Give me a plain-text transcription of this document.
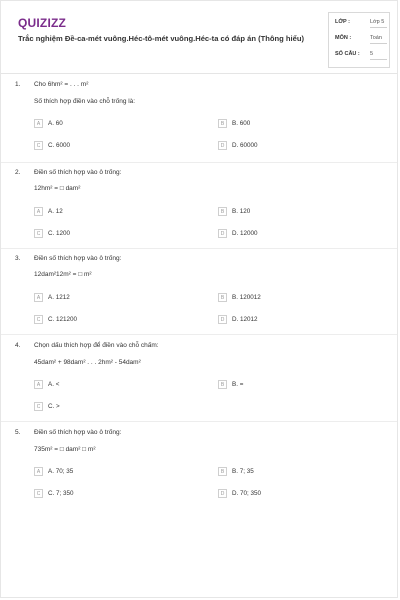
QUIZIZZ
Trắc nghiệm Đề-ca-mét vuông.Héc-tô-mét vuông.Héc-ta có đáp án (Thông hiểu)
LỚP :	Lớp 5
MÔN :	Toán
SỐ CÂU : 5
1. Cho 6hm² = . . . m²
Số thích hợp điền vào chỗ trống là:
A	A. 60	B	B. 600
C	C. 6000	D	D. 60000
2. Điền số thích hợp vào ô trống:
12hm² = □ dam²
A	A. 12	B	B. 120
C	C. 1200	D	D. 12000
3. Điền số thích hợp vào ô trống:
12dam²12m² = □ m²
A	A. 1212	B	B. 120012
C	C. 121200	D	D. 12012
4. Chọn dấu thích hợp để điền vào chỗ chấm:
45dam² + 98dam² . . . 2hm² - 54dam²
A	A. <	B	B. =
C	C. >
5. Điền số thích hợp vào ô trống:
735m² = □ dam² □ m²
A	A. 70; 35	B	B. 7; 35
C	C. 7; 350	D	D. 70; 350
